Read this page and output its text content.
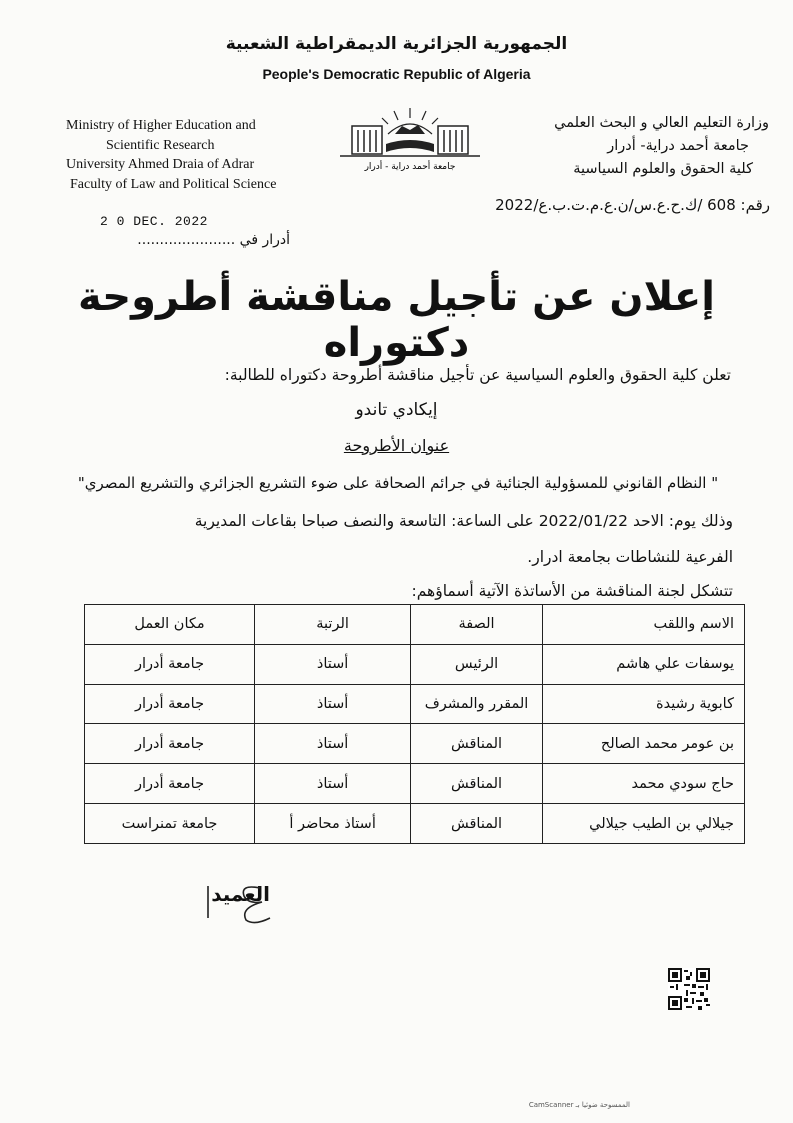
الجمهورية الجزائرية الديمقراطية الشعبية
People's Democratic Republic of Algeria
Ministry of Higher Education and
Scientific Research
University Ahmed Draia of Adrar
Faculty of Law and Political Science
جامعة أحمد دراية - أدرار
وزارة التعليم العالي و البحث العلمي
جامعة أحمد دراية- أدرار
كلية الحقوق والعلوم السياسية
رقم: 608 /ك.ح.ع.س/ن.ع.م.ت.ب.ع/2022
2 0 DEC. 2022
أدرار في ......................
إعلان عن تأجيل مناقشة أطروحة دكتوراه
تعلن كلية الحقوق والعلوم السياسية عن تأجيل مناقشة أطروحة دكتوراه للطالبة:
إيكادي تاندو
عنوان الأطروحة
" النظام القانوني للمسؤولية الجنائية في جرائم الصحافة على ضوء التشريع الجزائري والتشريع المصري"
وذلك يوم: الاحد 2022/01/22 على الساعة: التاسعة والنصف صباحا بقاعات المديرية
الفرعية للنشاطات بجامعة ادرار.
تتشكل لجنة المناقشة من الأساتذة الآتية أسماؤهم:
الاسم واللقب	الصفة	الرتبة	مكان العمل
يوسفات علي هاشم	الرئيس	أستاذ	جامعة أدرار
كابوية رشيدة	المقرر والمشرف	أستاذ	جامعة أدرار
بن عومر محمد الصالح	المناقش	أستاذ	جامعة أدرار
حاج سودي محمد	المناقش	أستاذ	جامعة أدرار
جيلالي بن الطيب جيلالي	المناقش	أستاذ محاضر أ	جامعة تمنراست
العميد
الممسوحة ضوئيا بـ CamScanner
